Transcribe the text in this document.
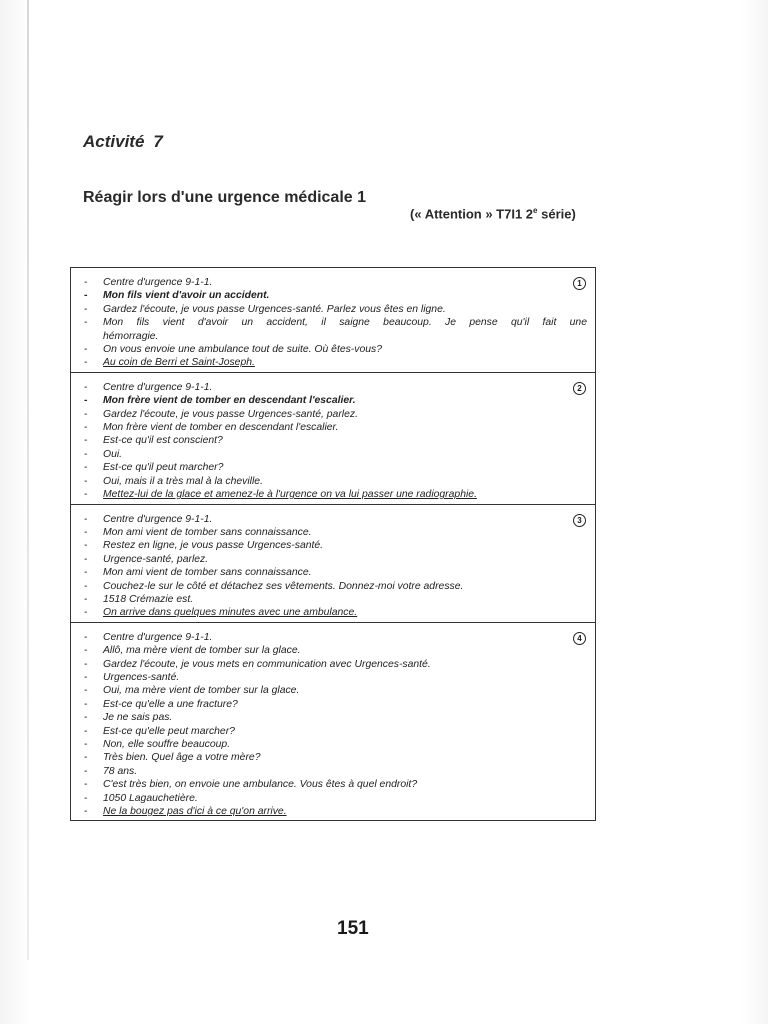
Activité 7
Réagir lors d'une urgence médicale 1
(« Attention » T7I1 2e série)
1
- Centre d'urgence 9-1-1.
- Mon fils vient d'avoir un accident.
- Gardez l'écoute, je vous passe Urgences-santé. Parlez vous êtes en ligne.
- Mon fils vient d'avoir un accident, il saigne beaucoup. Je pense qu'il fait une
hémorragie.
- On vous envoie une ambulance tout de suite. Où êtes-vous?
- Au coin de Berri et Saint-Joseph.
2
- Centre d'urgence 9-1-1.
- Mon frère vient de tomber en descendant l'escalier.
- Gardez l'écoute, je vous passe Urgences-santé, parlez.
- Mon frère vient de tomber en descendant l'escalier.
- Est-ce qu'il est conscient?
- Oui.
- Est-ce qu'il peut marcher?
- Oui, mais il a très mal à la cheville.
- Mettez-lui de la glace et amenez-le à l'urgence on va lui passer une radiographie.
3
- Centre d'urgence 9-1-1.
- Mon ami vient de tomber sans connaissance.
- Restez en ligne, je vous passe Urgences-santé.
- Urgence-santé, parlez.
- Mon ami vient de tomber sans connaissance.
- Couchez-le sur le côté et détachez ses vêtements. Donnez-moi votre adresse.
- 1518 Crémazie est.
- On arrive dans quelques minutes avec une ambulance.
4
- Centre d'urgence 9-1-1.
- Allô, ma mère vient de tomber sur la glace.
- Gardez l'écoute, je vous mets en communication avec Urgences-santé.
- Urgences-santé.
- Oui, ma mère vient de tomber sur la glace.
- Est-ce qu'elle a une fracture?
- Je ne sais pas.
- Est-ce qu'elle peut marcher?
- Non, elle souffre beaucoup.
- Très bien. Quel âge a votre mère?
- 78 ans.
- C'est très bien, on envoie une ambulance. Vous êtes à quel endroit?
- 1050 Lagauchetière.
- Ne la bougez pas d'ici à ce qu'on arrive.
151
